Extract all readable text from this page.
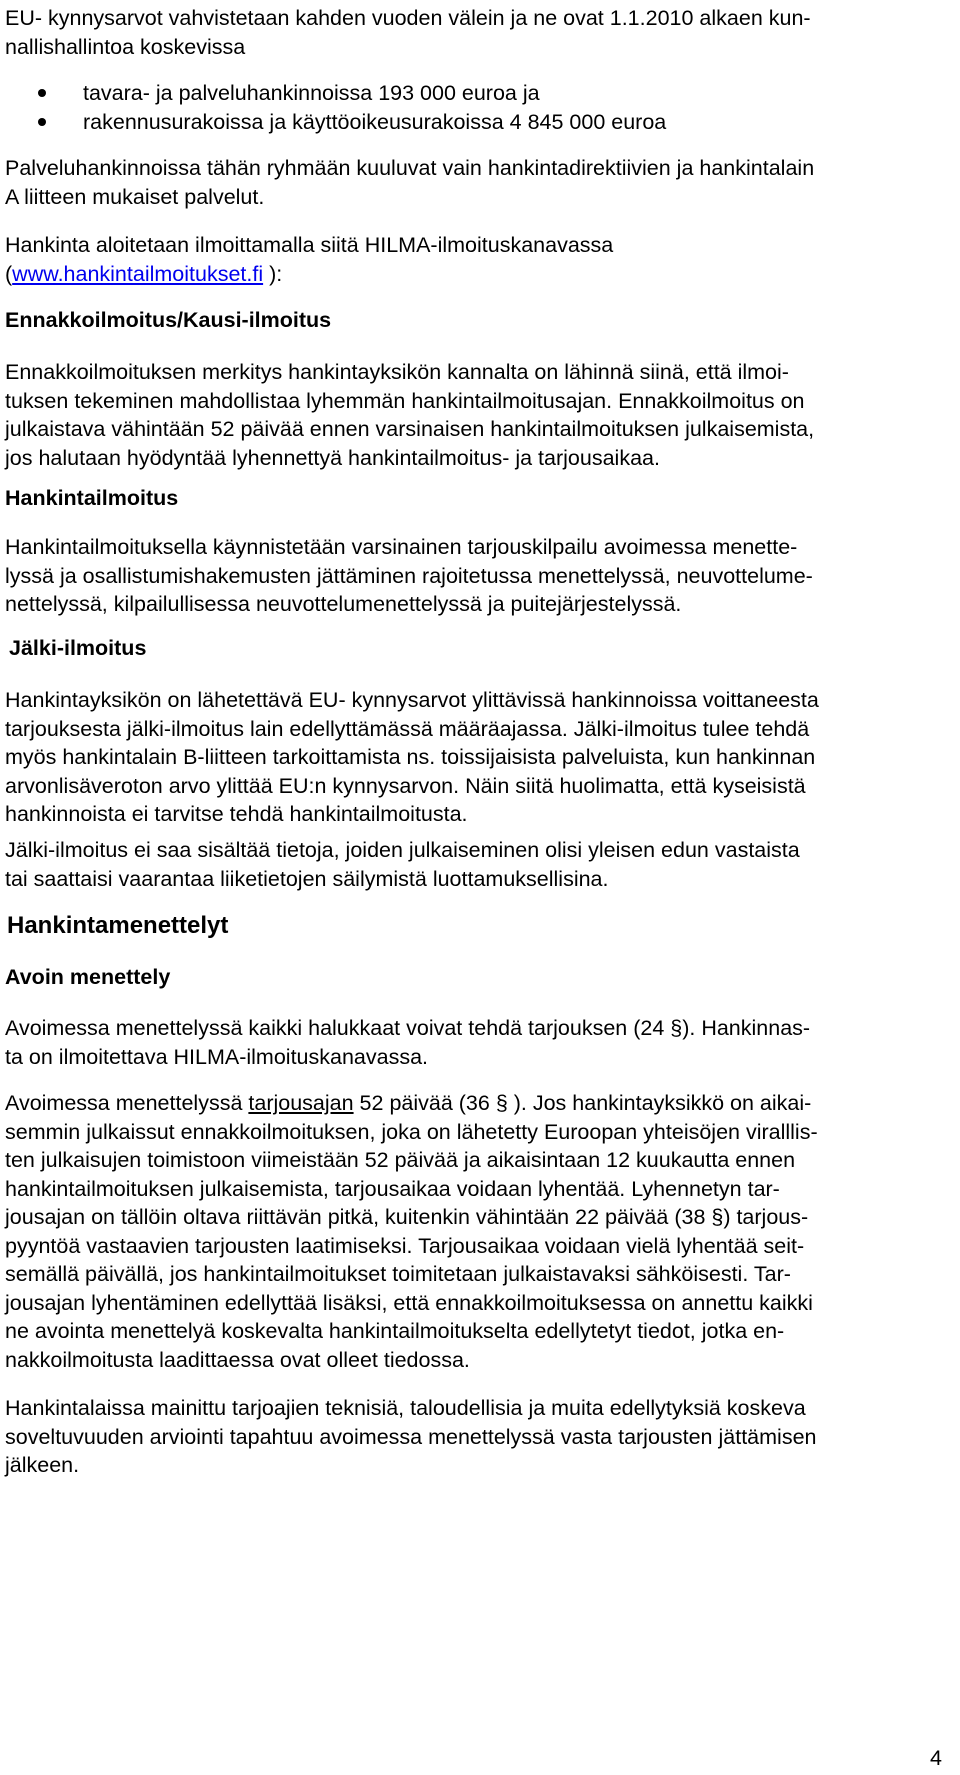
EU- kynnysarvot vahvistetaan kahden vuoden välein ja ne ovat 1.1.2010 alkaen kun-
nallishallintoa koskevissa

tavara- ja palveluhankinnoissa 193 000 euroa ja
rakennusurakoissa ja käyttöoikeusurakoissa 4 845 000 euroa

Palveluhankinnoissa tähän ryhmään kuuluvat vain hankintadirektiivien ja hankintalain
A liitteen mukaiset palvelut.

Hankinta aloitetaan ilmoittamalla siitä HILMA-ilmoituskanavassa
(www.hankintailmoitukset.fi ):

Ennakkoilmoitus/Kausi-ilmoitus

Ennakkoilmoituksen merkitys hankintayksikön kannalta on lähinnä siinä, että ilmoi-
tuksen tekeminen mahdollistaa lyhemmän hankintailmoitusajan. Ennakkoilmoitus on
julkaistava vähintään 52 päivää ennen varsinaisen hankintailmoituksen julkaisemista,
jos halutaan hyödyntää lyhennettyä hankintailmoitus- ja tarjousaikaa.

Hankintailmoitus

Hankintailmoituksella käynnistetään varsinainen tarjouskilpailu avoimessa menette-
lyssä ja osallistumishakemusten jättäminen rajoitetussa menettelyssä, neuvottelume-
nettelyssä, kilpailullisessa neuvottelumenettelyssä ja puitejärjestelyssä.

Jälki-ilmoitus

Hankintayksikön on lähetettävä EU- kynnysarvot ylittävissä hankinnoissa voittaneesta
tarjouksesta jälki-ilmoitus lain edellyttämässä määräajassa. Jälki-ilmoitus tulee tehdä
myös hankintalain B-liitteen tarkoittamista ns. toissijaisista palveluista, kun hankinnan
arvonlisäveroton arvo ylittää EU:n kynnysarvon. Näin siitä huolimatta, että kyseisistä
hankinnoista ei tarvitse tehdä hankintailmoitusta.

Jälki-ilmoitus ei saa sisältää tietoja, joiden julkaiseminen olisi yleisen edun vastaista
tai saattaisi vaarantaa liiketietojen säilymistä luottamuksellisina.

Hankintamenettelyt
Avoin menettely

Avoimessa menettelyssä kaikki halukkaat voivat tehdä tarjouksen (24 §). Hankinnas-
ta on ilmoitettava HILMA-ilmoituskanavassa.

Avoimessa menettelyssä tarjousajan 52 päivää (36 § ). Jos hankintayksikkö on aikai-
semmin julkaissut ennakkoilmoituksen, joka on lähetetty Euroopan yhteisöjen viralllis-
ten julkaisujen toimistoon viimeistään 52 päivää ja aikaisintaan 12 kuukautta ennen
hankintailmoituksen julkaisemista, tarjousaikaa voidaan lyhentää. Lyhennetyn tar-
jousajan on tällöin oltava riittävän pitkä, kuitenkin vähintään 22 päivää (38 §) tarjous-
pyyntöä vastaavien tarjousten laatimiseksi. Tarjousaikaa voidaan vielä lyhentää seit-
semällä päivällä, jos hankintailmoitukset toimitetaan julkaistavaksi sähköisesti. Tar-
jousajan lyhentäminen edellyttää lisäksi, että ennakkoilmoituksessa on annettu kaikki
ne avointa menettelyä koskevalta hankintailmoitukselta edellytetyt tiedot, jotka en-
nakkoilmoitusta laadittaessa ovat olleet tiedossa.

Hankintalaissa mainittu tarjoajien teknisiä, taloudellisia ja muita edellytyksiä koskeva
soveltuvuuden arviointi tapahtuu avoimessa menettelyssä vasta tarjousten jättämisen
jälkeen.

4
